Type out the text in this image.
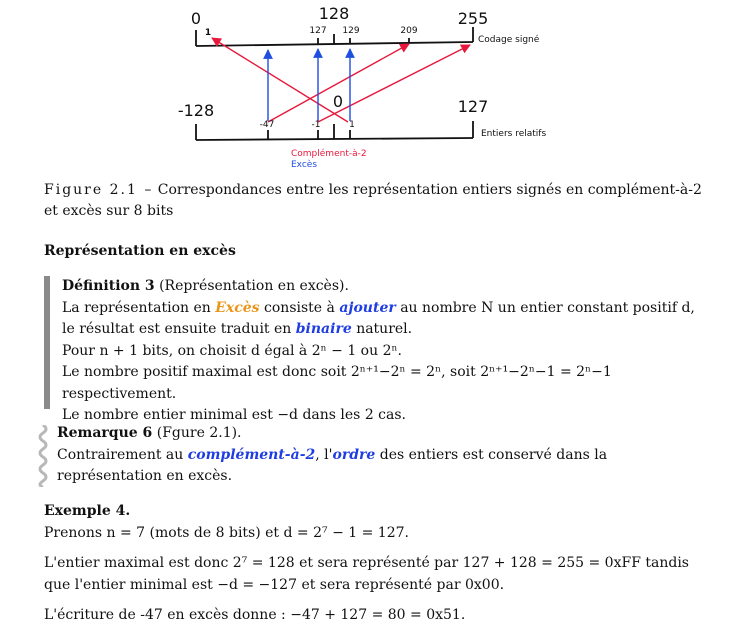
0
1
128
127 129	209
255
Codage signé
-128
-47	-1
0
1
127
Entiers relatifs
Complément-à-2
Excès
Figure 2.1 – Correspondances entre les représentation entiers signés en complément-à-2 et excès sur 8 bits
Représentation en excès

Définition 3 (Représentation en excès).

La représentation en Excès consiste à ajouter au nombre N un entier constant positif d, le résultat est ensuite traduit en binaire naturel.

Pour n + 1 bits, on choisit d égal à 2ⁿ − 1 ou 2ⁿ.

Le nombre positif maximal est donc soit 2ⁿ⁺¹−2ⁿ = 2ⁿ, soit 2ⁿ⁺¹−2ⁿ−1 = 2ⁿ−1 respectivement.

Le nombre entier minimal est −d dans les 2 cas.

Remarque 6 (Fgure 2.1).

Contrairement au complément-à-2, l'ordre des entiers est conservé dans la représentation en excès.

Exemple 4.

Prenons n = 7 (mots de 8 bits) et d = 2⁷ − 1 = 127.

L'entier maximal est donc 2⁷ = 128 et sera représenté par 127 + 128 = 255 = 0xFF tandis que l'entier minimal est −d = −127 et sera représenté par 0x00.

L'écriture de -47 en excès donne : −47 + 127 = 80 = 0x51.
